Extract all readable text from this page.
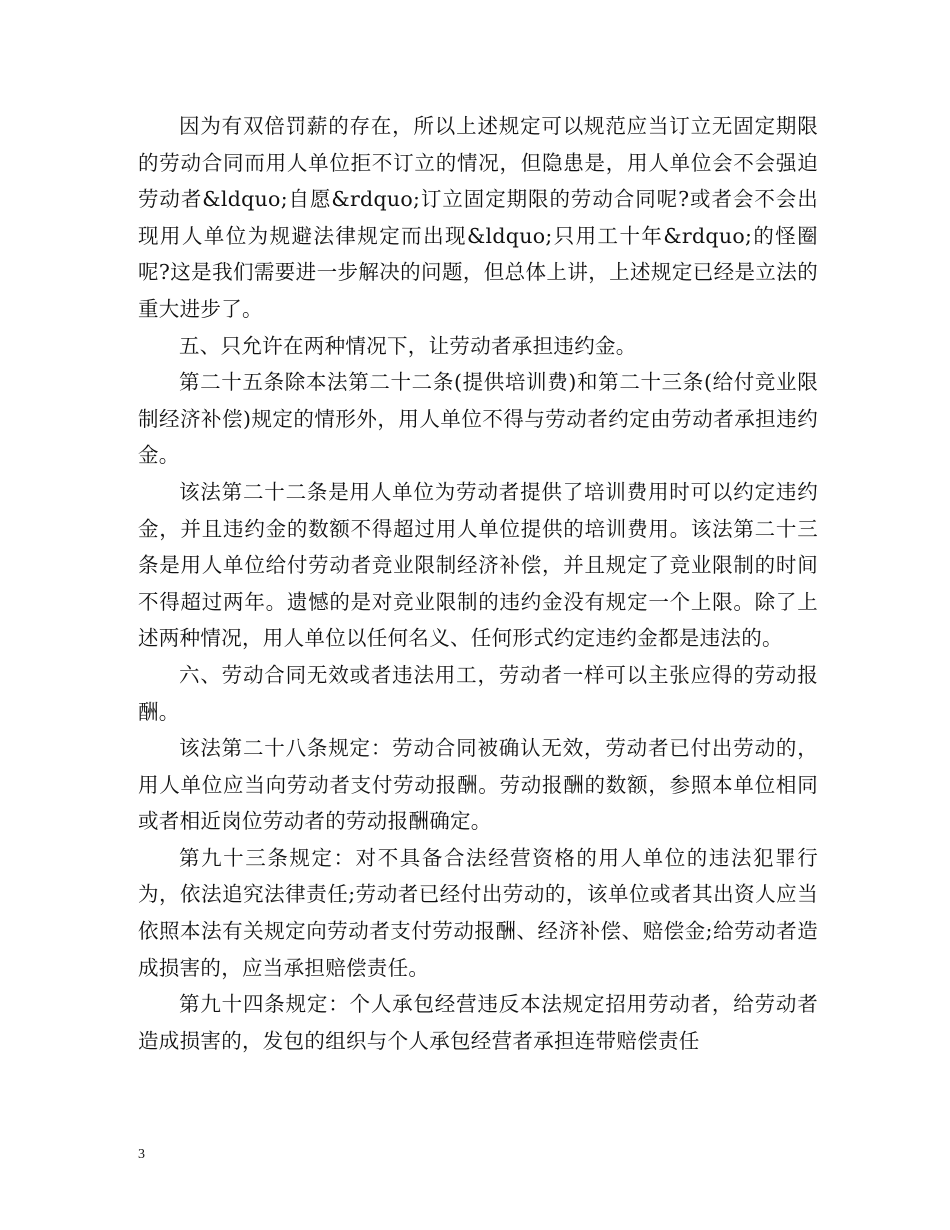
因为有双倍罚薪的存在，所以上述规定可以规范应当订立无固定期限的劳动合同而用人单位拒不订立的情况，但隐患是，用人单位会不会强迫劳动者&ldquo;自愿&rdquo;订立固定期限的劳动合同呢?或者会不会出现用人单位为规避法律规定而出现&ldquo;只用工十年&rdquo;的怪圈呢?这是我们需要进一步解决的问题，但总体上讲，上述规定已经是立法的重大进步了。

五、只允许在两种情况下，让劳动者承担违约金。

第二十五条除本法第二十二条(提供培训费)和第二十三条(给付竞业限制经济补偿)规定的情形外，用人单位不得与劳动者约定由劳动者承担违约金。

该法第二十二条是用人单位为劳动者提供了培训费用时可以约定违约金，并且违约金的数额不得超过用人单位提供的培训费用。该法第二十三条是用人单位给付劳动者竞业限制经济补偿，并且规定了竞业限制的时间不得超过两年。遗憾的是对竞业限制的违约金没有规定一个上限。除了上述两种情况，用人单位以任何名义、任何形式约定违约金都是违法的。

六、劳动合同无效或者违法用工，劳动者一样可以主张应得的劳动报酬。

该法第二十八条规定：劳动合同被确认无效，劳动者已付出劳动的，用人单位应当向劳动者支付劳动报酬。劳动报酬的数额，参照本单位相同或者相近岗位劳动者的劳动报酬确定。

第九十三条规定：对不具备合法经营资格的用人单位的违法犯罪行为，依法追究法律责任;劳动者已经付出劳动的，该单位或者其出资人应当依照本法有关规定向劳动者支付劳动报酬、经济补偿、赔偿金;给劳动者造成损害的，应当承担赔偿责任。

第九十四条规定：个人承包经营违反本法规定招用劳动者，给劳动者造成损害的，发包的组织与个人承包经营者承担连带赔偿责任

3
